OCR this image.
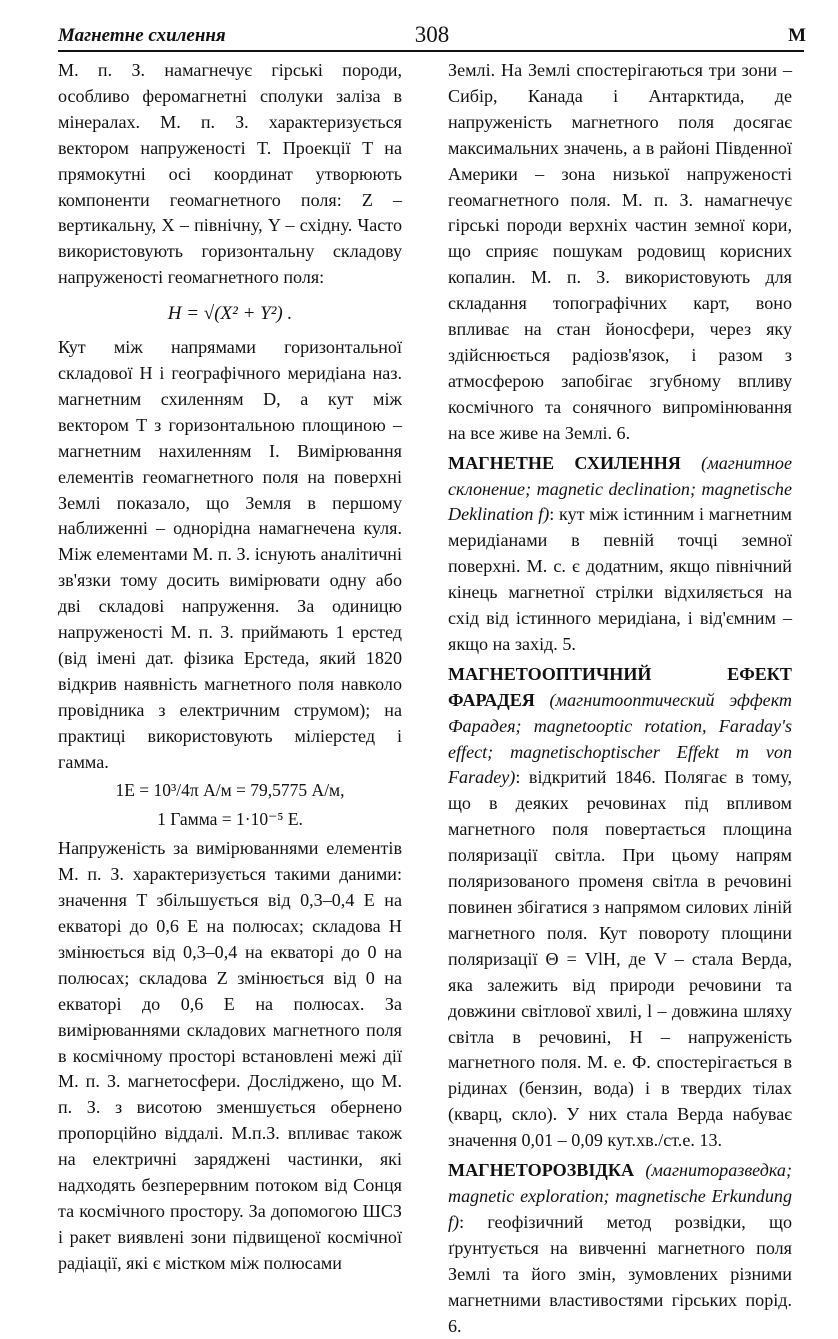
Магнетне схилення	308	М

М. п. З. намагнечує гірські породи, особливо феромагнетні сполуки заліза в мінералах. М. п. З. характеризується вектором напруженості T. Проекції T на прямокутні осі координат утворюють компоненти геомагнетного поля: Z – вертикальну, X – північну, Y – східну. Часто використовують горизонтальну складову напруженості геомагнетного поля:

H = √(X² + Y²) .

Кут між напрямами горизонтальної складової H і географічного меридіана наз. магнетним схиленням D, а кут між вектором T з горизонтальною площиною – магнетним нахиленням I. Вимірювання елементів геомагнетного поля на поверхні Землі показало, що Земля в першому наближенні – однорідна намагнечена куля. Між елементами М. п. З. існують аналітичні зв'язки тому досить вимірювати одну або дві складові напруження. За одиницю напруженості М. п. З. приймають 1 ерстед (від імені дат. фізика Ерстеда, який 1820 відкрив наявність магнетного поля навколо провідника з електричним струмом); на практиці використовують міліерстед і гамма.

1Е = 10³/4π А/м = 79,5775 А/м,
1 Гамма = 1·10⁻⁵ Е.

Напруженість за вимірюваннями елементів М. п. З. характеризується такими даними: значення T збільшується від 0,3–0,4 Е на екваторі до 0,6 Е на полюсах; складова H змінюється від 0,3–0,4 на екваторі до 0 на полюсах; складова Z змінюється від 0 на екваторі до 0,6 Е на полюсах. За вимірюваннями складових магнетного поля в космічному просторі встановлені межі дії М. п. З. магнетосфери. Досліджено, що М. п. З. з висотою зменшується обернено пропорційно віддалі. М.п.З. впливає також на електричні заряджені частинки, які надходять безперервним потоком від Сонця та космічного простору. За допомогою ШСЗ і ракет виявлені зони підвищеної космічної радіації, які є містком між полюсами

Землі. На Землі спостерігаються три зони – Сибір, Канада і Антарктида, де напруженість магнетного поля досягає максимальних значень, а в районі Південної Америки – зона низької напруженості геомагнетного поля. М. п. З. намагнечує гірські породи верхніх частин земної кори, що сприяє пошукам родовищ корисних копалин. М. п. З. використовують для складання топографічних карт, воно впливає на стан йоносфери, через яку здійснюється радіозв'язок, і разом з атмосферою запобігає згубному впливу космічного та сонячного випромінювання на все живе на Землі. 6.

МАГНЕТНЕ СХИЛЕННЯ (магнитное склонение; magnetic declination; magnetische Deklination f): кут між істинним і магнетним меридіанами в певній точці земної поверхні. М. с. є додатним, якщо північний кінець магнетної стрілки відхиляється на схід від істинного меридіана, і від'ємним – якщо на захід. 5.

МАГНЕТООПТИЧНИЙ ЕФЕКТ ФАРАДЕЯ (магнитооптический эффект Фарадея; magnetooptic rotation, Faraday's effect; magnetischoptischer Effekt m von Faradey): відкритий 1846. Полягає в тому, що в деяких речовинах під впливом магнетного поля повертається площина поляризації світла. При цьому напрям поляризованого променя світла в речовині повинен збігатися з напрямом силових ліній магнетного поля. Кут повороту площини поляризації Θ = VlH, де V – стала Верда, яка залежить від природи речовини та довжини світлової хвилі, l – довжина шляху світла в речовині, H – напруженість магнетного поля. М. е. Ф. спостерігається в рідинах (бензин, вода) і в твердих тілах (кварц, скло). У них стала Верда набуває значення 0,01 – 0,09 кут.хв./ст.е. 13.

МАГНЕТОРОЗВІДКА (магниторазведка; magnetic exploration; magnetische Erkundung f): геофізичний метод розвідки, що ґрунтується на вивченні магнетного поля Землі та його змін, зумовлених різними магнетними властивостями гірських порід. 6.
